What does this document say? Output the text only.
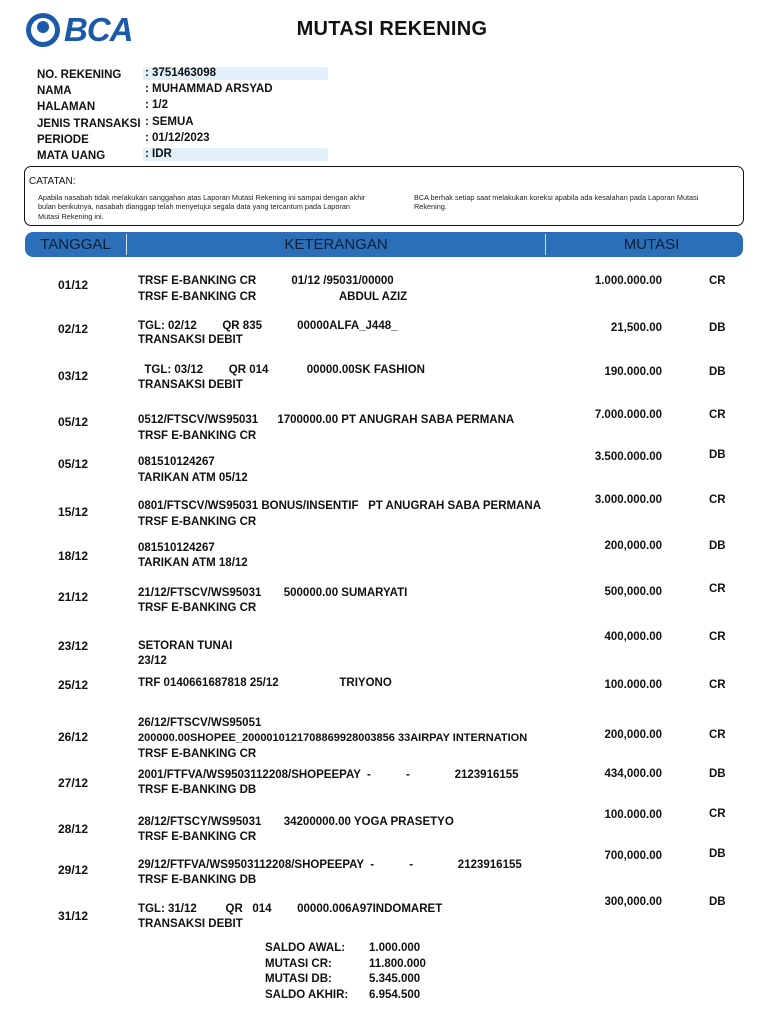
BCA	MUTASI REKENING
NO. REKENING	: 3751463098
NAMA	: MUHAMMAD ARSYAD
HALAMAN	: 1/2
JENIS TRANSAKSI : SEMUA
PERIODE	: 01/12/2023
MATA UANG	: IDR
CATATAN:
Apabila nasabah tidak melakukan sanggahan atas Laporan Mutasi Rekening ini sampai dengan akhir bulan berikutnya, nasabah dianggap telah menyetujui segala data yang tercantum pada Laporan Mutasi Rekening ini.
BCA berhak setiap saat melakukan koreksi apabila ada kesalahan pada Laporan Mutasi Rekening.
TANGGAL	KETERANGAN	MUTASI
01/12	TRSF E-BANKING CR           01/12 /95031/00000
TRSF E-BANKING CR                          ABDUL AZIZ
1.000.000.00	CR
02/12	TGL: 02/12        QR 835           00000ALFA_J448_
TRANSAKSI DEBIT
21,500.00	DB
03/12	TGL: 03/12        QR 014            00000.00SK FASHION
TRANSAKSI DEBIT
190.000.00	DB
05/12	0512/FTSCV/WS95031      1700000.00 PT ANUGRAH SABA PERMANA
TRSF E-BANKING CR
7.000.000.00	CR
05/12	081510124267
TARIKAN ATM 05/12
3.500.000.00	DB
15/12	0801/FTSCV/WS95031 BONUS/INSENTIF   PT ANUGRAH SABA PERMANA
TRSF E-BANKING CR
3.000.000.00	CR
18/12
081510124267
TARIKAN ATM 18/12
200,000.00	DB
21/12	21/12/FTSCV/WS95031       500000.00 SUMARYATI
TRSF E-BANKING CR
500,000.00	CR
23/12	SETORAN TUNAI
23/12
400,000.00	CR
25/12	TRF 0140661687818 25/12                   TRIYONO	100.000.00	CR
26/12
26/12/FTSCV/WS95051
200000.00SHOPEE_2000010121708869928003856 33AIRPAY INTERNATION
TRSF E-BANKING CR
200,000.00	CR
27/12
2001/FTFVA/WS9503112208/SHOPEEPAY  -           -              2123916155
TRSF E-BANKING DB
434,000.00	DB
28/12	28/12/FTSCY/WS95031       34200000.00 YOGA PRASETYO
TRSF E-BANKING CR
100.000.00	CR
29/12	29/12/FTFVA/WS9503112208/SHOPEEPAY  -           -              2123916155
TRSF E-BANKING DB
700,000.00	DB
31/12	TGL: 31/12         QR   014        00000.006A97INDOMARET
TRANSAKSI DEBIT
300,000.00	DB
SALDO AWAL:	1.000.000
MUTASI CR:	11.800.000
MUTASI DB:	5.345.000
SALDO AKHIR:	6.954.500
